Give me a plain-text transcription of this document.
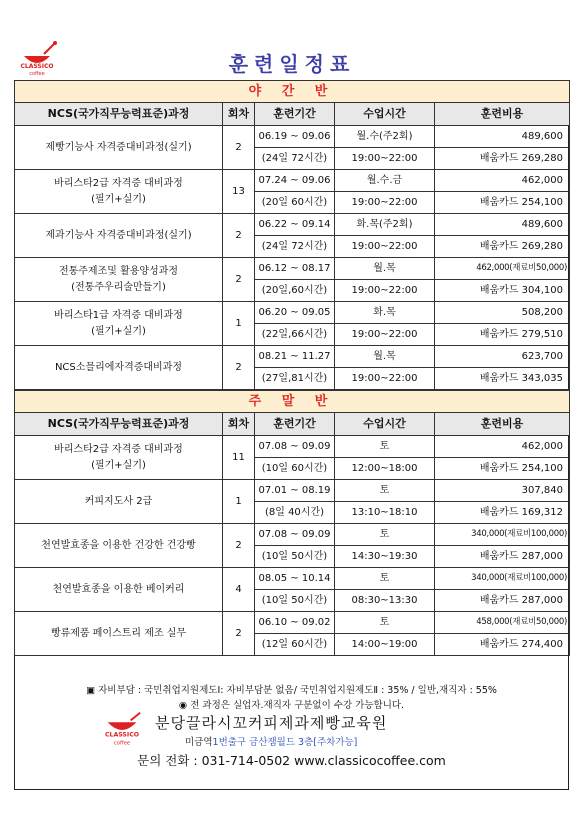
CLASSICO
coffee	훈련일정표
야 간 반				
NCS(국가직무능력표준)과정	회차	훈련기간	수업시간	훈련비용
제빵기능사 자격증대비과정(실기)	2	06.19 ~ 09.06	월.수(주2회)	489,600
		(24일 72시간)	19:00~22:00	배움카드 269,280
바리스타2급 자격증 대비과정
(필기+실기)	13	07.24 ~ 09.06	월.수.금	462,000
		(20일 60시간)	19:00~22:00	배움카드 254,100
제과기능사 자격증대비과정(실기)	2	06.22 ~ 09.14	화.목(주2회)	489,600
		(24일 72시간)	19:00~22:00	배움카드 269,280
전통주제조및 활용양성과정
(전통주우리술만들기)	2	06.12 ~ 08.17	월.목	462,000(재료비50,000)
		(20일,60시간)	19:00~22:00	배움카드 304,100
바리스타1급 자격증 대비과정
(필기+실기)	1	06.20 ~ 09.05	화.목	508,200
		(22일,66시간)	19:00~22:00	배움카드 279,510
NCS소믈리에자격증대비과정	2	08.21 ~ 11.27	월.목	623,700
		(27일,81시간)	19:00~22:00	배움카드 343,035
주 말 반				
NCS(국가직무능력표준)과정	회차	훈련기간	수업시간	훈련비용
바리스타2급 자격증 대비과정
(필기+실기)	11	07.08 ~ 09.09	토	462,000
		(10일 60시간)	12:00~18:00	배움카드 254,100
커피지도사 2급	1	07.01 ~ 08.19	토	307,840
		(8일 40시간)	13:10~18:10	배움카드 169,312
천연발효종을 이용한 건강한 건강빵	2	07.08 ~ 09.09	토	340,000(재료비100,000)
		(10일 50시간)	14:30~19:30	배움카드 287,000
천연발효종을 이용한 베이커리	4	08.05 ~ 10.14	토	340,000(재료비100,000)
		(10일 50시간)	08:30~13:30	배움카드 287,000
빵류제품 페이스트리 제조 실무	2	06.10 ~ 09.02	토	458,000(재료비50,000)
		(12일 60시간)	14:00~19:00	배움카드 274,400
▣ 자비부담 : 국민취업지원제도Ⅰ: 자비부담분 없음/ 국민취업지원제도Ⅱ : 35% / 일반,재직자 : 55%
◉ 전 과정은 실업자.재직자 구분없이 수강 가능합니다.
CLASSICO
coffee
분당끌라시꼬커피제과제빵교육원
미금역1번출구 금산잼월드 3층[주차가능]
문의 전화 : 031-714-0502 www.classicocoffee.com
